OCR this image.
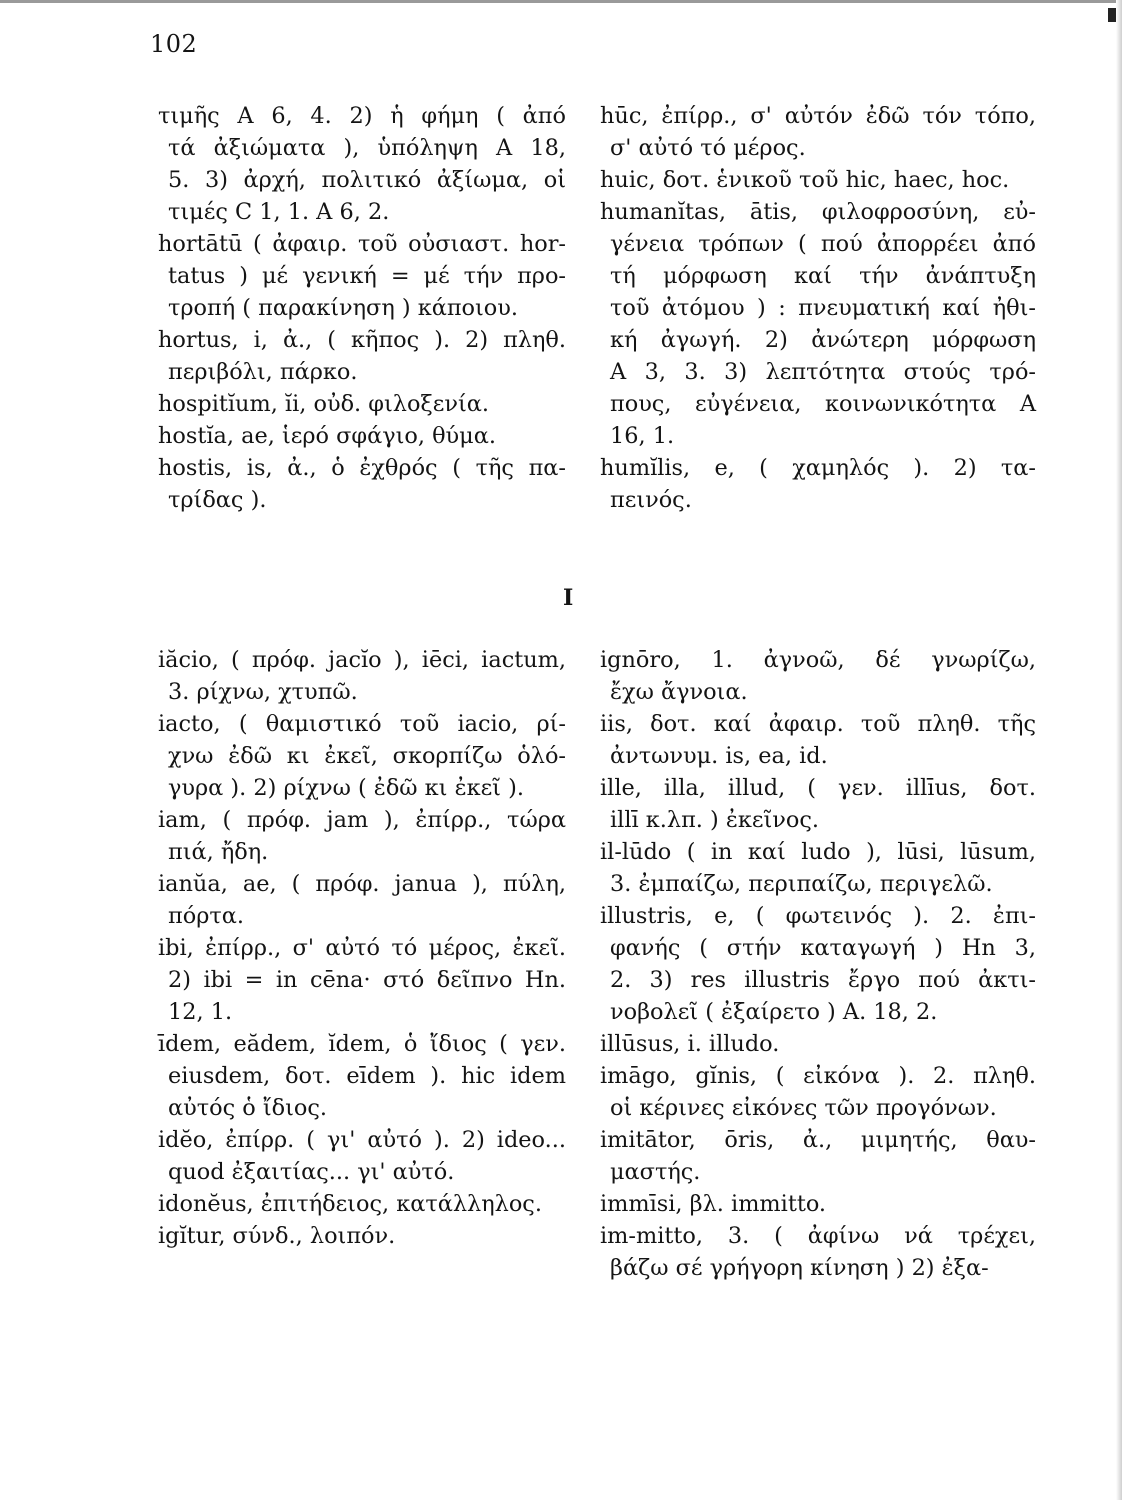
102
τιμῆς A 6, 4. 2) ἡ φήμη ( ἀπό
τά ἀξιώματα ), ὑπόληψη A 18,
5. 3) ἀρχή, πολιτικό ἀξίωμα, οἱ
τιμές C 1, 1. A 6, 2.
hortātū ( ἀφαιρ. τοῦ οὐσιαστ. hor-
tatus ) μέ γενική = μέ τήν προ-
τροπή ( παρακίνηση ) κάποιου.
hortus, i, ἀ., ( κῆπος ). 2) πληθ.
περιβόλι, πάρκο.
hospitĭum, ĭi, οὐδ. φιλοξενία.
hostĭa, ae, ἱερό σφάγιο, θύμα.
hostis, is, ἀ., ὁ ἐχθρός ( τῆς πα-
τρίδας ).
iăcio, ( πρόφ. jacĭo ), iēci, iactum,
3. ρίχνω, χτυπῶ.
iacto, ( θαμιστικό τοῦ iacio, ρί-
χνω ἐδῶ κι ἐκεῖ, σκορπίζω ὁλό-
γυρα ). 2) ρίχνω ( ἐδῶ κι ἐκεῖ ).
iam, ( πρόφ. jam ), ἐπίρρ., τώρα
πιά, ἤδη.
ianŭa, ae, ( πρόφ. janua ), πύλη,
πόρτα.
ibi, ἐπίρρ., σ' αὐτό τό μέρος, ἐκεῖ.
2) ibi = in cēna· στό δεῖπνο Hn.
12, 1.
īdem, eădem, ĭdem, ὁ ἴδιος ( γεν.
eiusdem, δοτ. eīdem ). hic idem
αὐτός ὁ ἴδιος.
idĕo, ἐπίρρ. ( γι' αὐτό ). 2) ideo...
quod ἐξαιτίας... γι' αὐτό.
idonĕus, ἐπιτήδειος, κατάλληλος.
igĭtur, σύνδ., λοιπόν.
I
hūc, ἐπίρρ., σ' αὐτόν ἐδῶ τόν τόπο,
σ' αὐτό τό μέρος.
huic, δοτ. ἑνικοῦ τοῦ hic, haec, hoc.
humanĭtas, ātis, φιλοφροσύνη, εὐ-
γένεια τρόπων ( πού ἀπορρέει ἀπό
τή μόρφωση καί τήν ἀνάπτυξη
τοῦ ἀτόμου ) : πνευματική καί ἠθι-
κή ἀγωγή. 2) ἀνώτερη μόρφωση
A 3, 3. 3) λεπτότητα στούς τρό-
πους, εὐγένεια, κοινωνικότητα A
16, 1.
humĭlis, e, ( χαμηλός ). 2) τα-
πεινός.
ignōro, 1. ἀγνοῶ, δέ γνωρίζω,
ἔχω ἄγνοια.
iis, δοτ. καί ἀφαιρ. τοῦ πληθ. τῆς
ἀντωνυμ. is, ea, id.
ille, illa, illud, ( γεν. illīus, δοτ.
illī κ.λπ. ) ἐκεῖνος.
il-lūdo ( in καί ludo ), lūsi, lūsum,
3. ἐμπαίζω, περιπαίζω, περιγελῶ.
illustris, e, ( φωτεινός ). 2. ἐπι-
φανής ( στήν καταγωγή ) Hn 3,
2. 3) res illustris ἔργο πού ἀκτι-
νοβολεῖ ( ἐξαίρετο ) A. 18, 2.
illūsus, i. illudo.
imāgo, gĭnis, ( εἰκόνα ). 2. πληθ.
οἱ κέρινες εἰκόνες τῶν προγόνων.
imitātor, ōris, ἀ., μιμητής, θαυ-
μαστής.
immīsi, βλ. immitto.
im-mitto, 3. ( ἀφίνω νά τρέχει,
βάζω σέ γρήγορη κίνηση ) 2) ἐξα-
